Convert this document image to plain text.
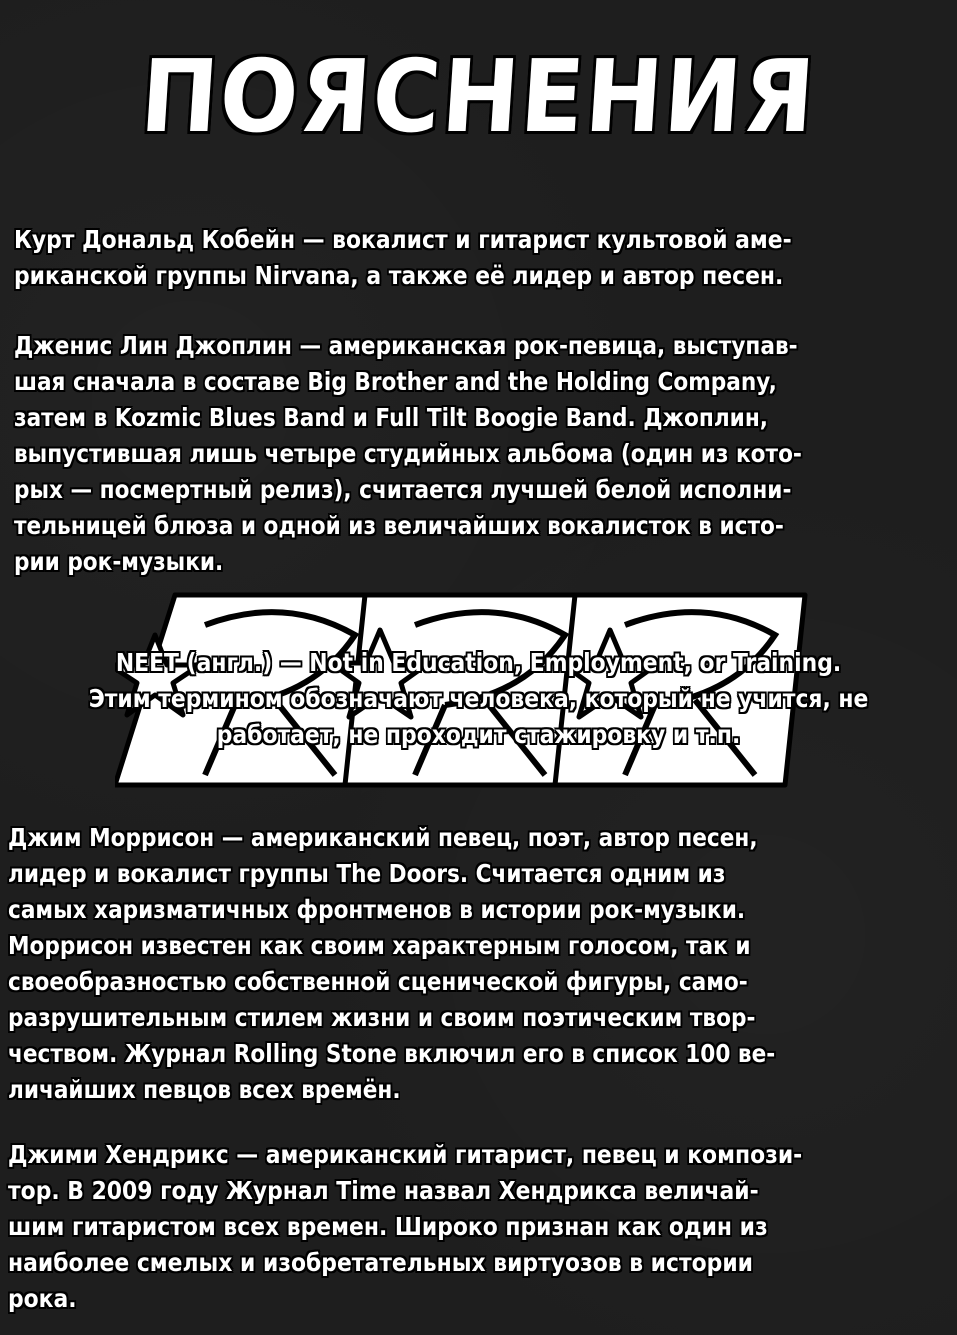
ПОЯСНЕНИЯ

Курт Дональд Кобейн — вокалист и гитарист культовой аме-
риканской группы Nirvana, а также её лидер и автор песен.

Дженис Лин Джоплин — американская рок-певица, выступав-
шая сначала в составе Big Brother and the Holding Company,
затем в Kozmic Blues Band и Full Tilt Boogie Band. Джоплин,
выпустившая лишь четыре студийных альбома (один из кото-
рых — посмертный релиз), считается лучшей белой исполни-
тельницей блюза и одной из величайших вокалисток в исто-
рии рок-музыки.

NEET (англ.) — Not in Education, Employment, or Training.
Этим термином обозначают человека, который не учится, не
работает, не проходит стажировку и т.п.

Джим Моррисон — американский певец, поэт, автор песен,
лидер и вокалист группы The Doors. Считается одним из
самых харизматичных фронтменов в истории рок-музыки.
Моррисон известен как своим характерным голосом, так и
своеобразностью собственной сценической фигуры, само-
разрушительным стилем жизни и своим поэтическим твор-
чеством. Журнал Rolling Stone включил его в список 100 ве-
личайших певцов всех времён.

Джими Хендрикс — американский гитарист, певец и компози-
тор. В 2009 году Журнал Time назвал Хендрикса величай-
шим гитаристом всех времен. Широко признан как один из
наиболее смелых и изобретательных виртуозов в истории
рока.
